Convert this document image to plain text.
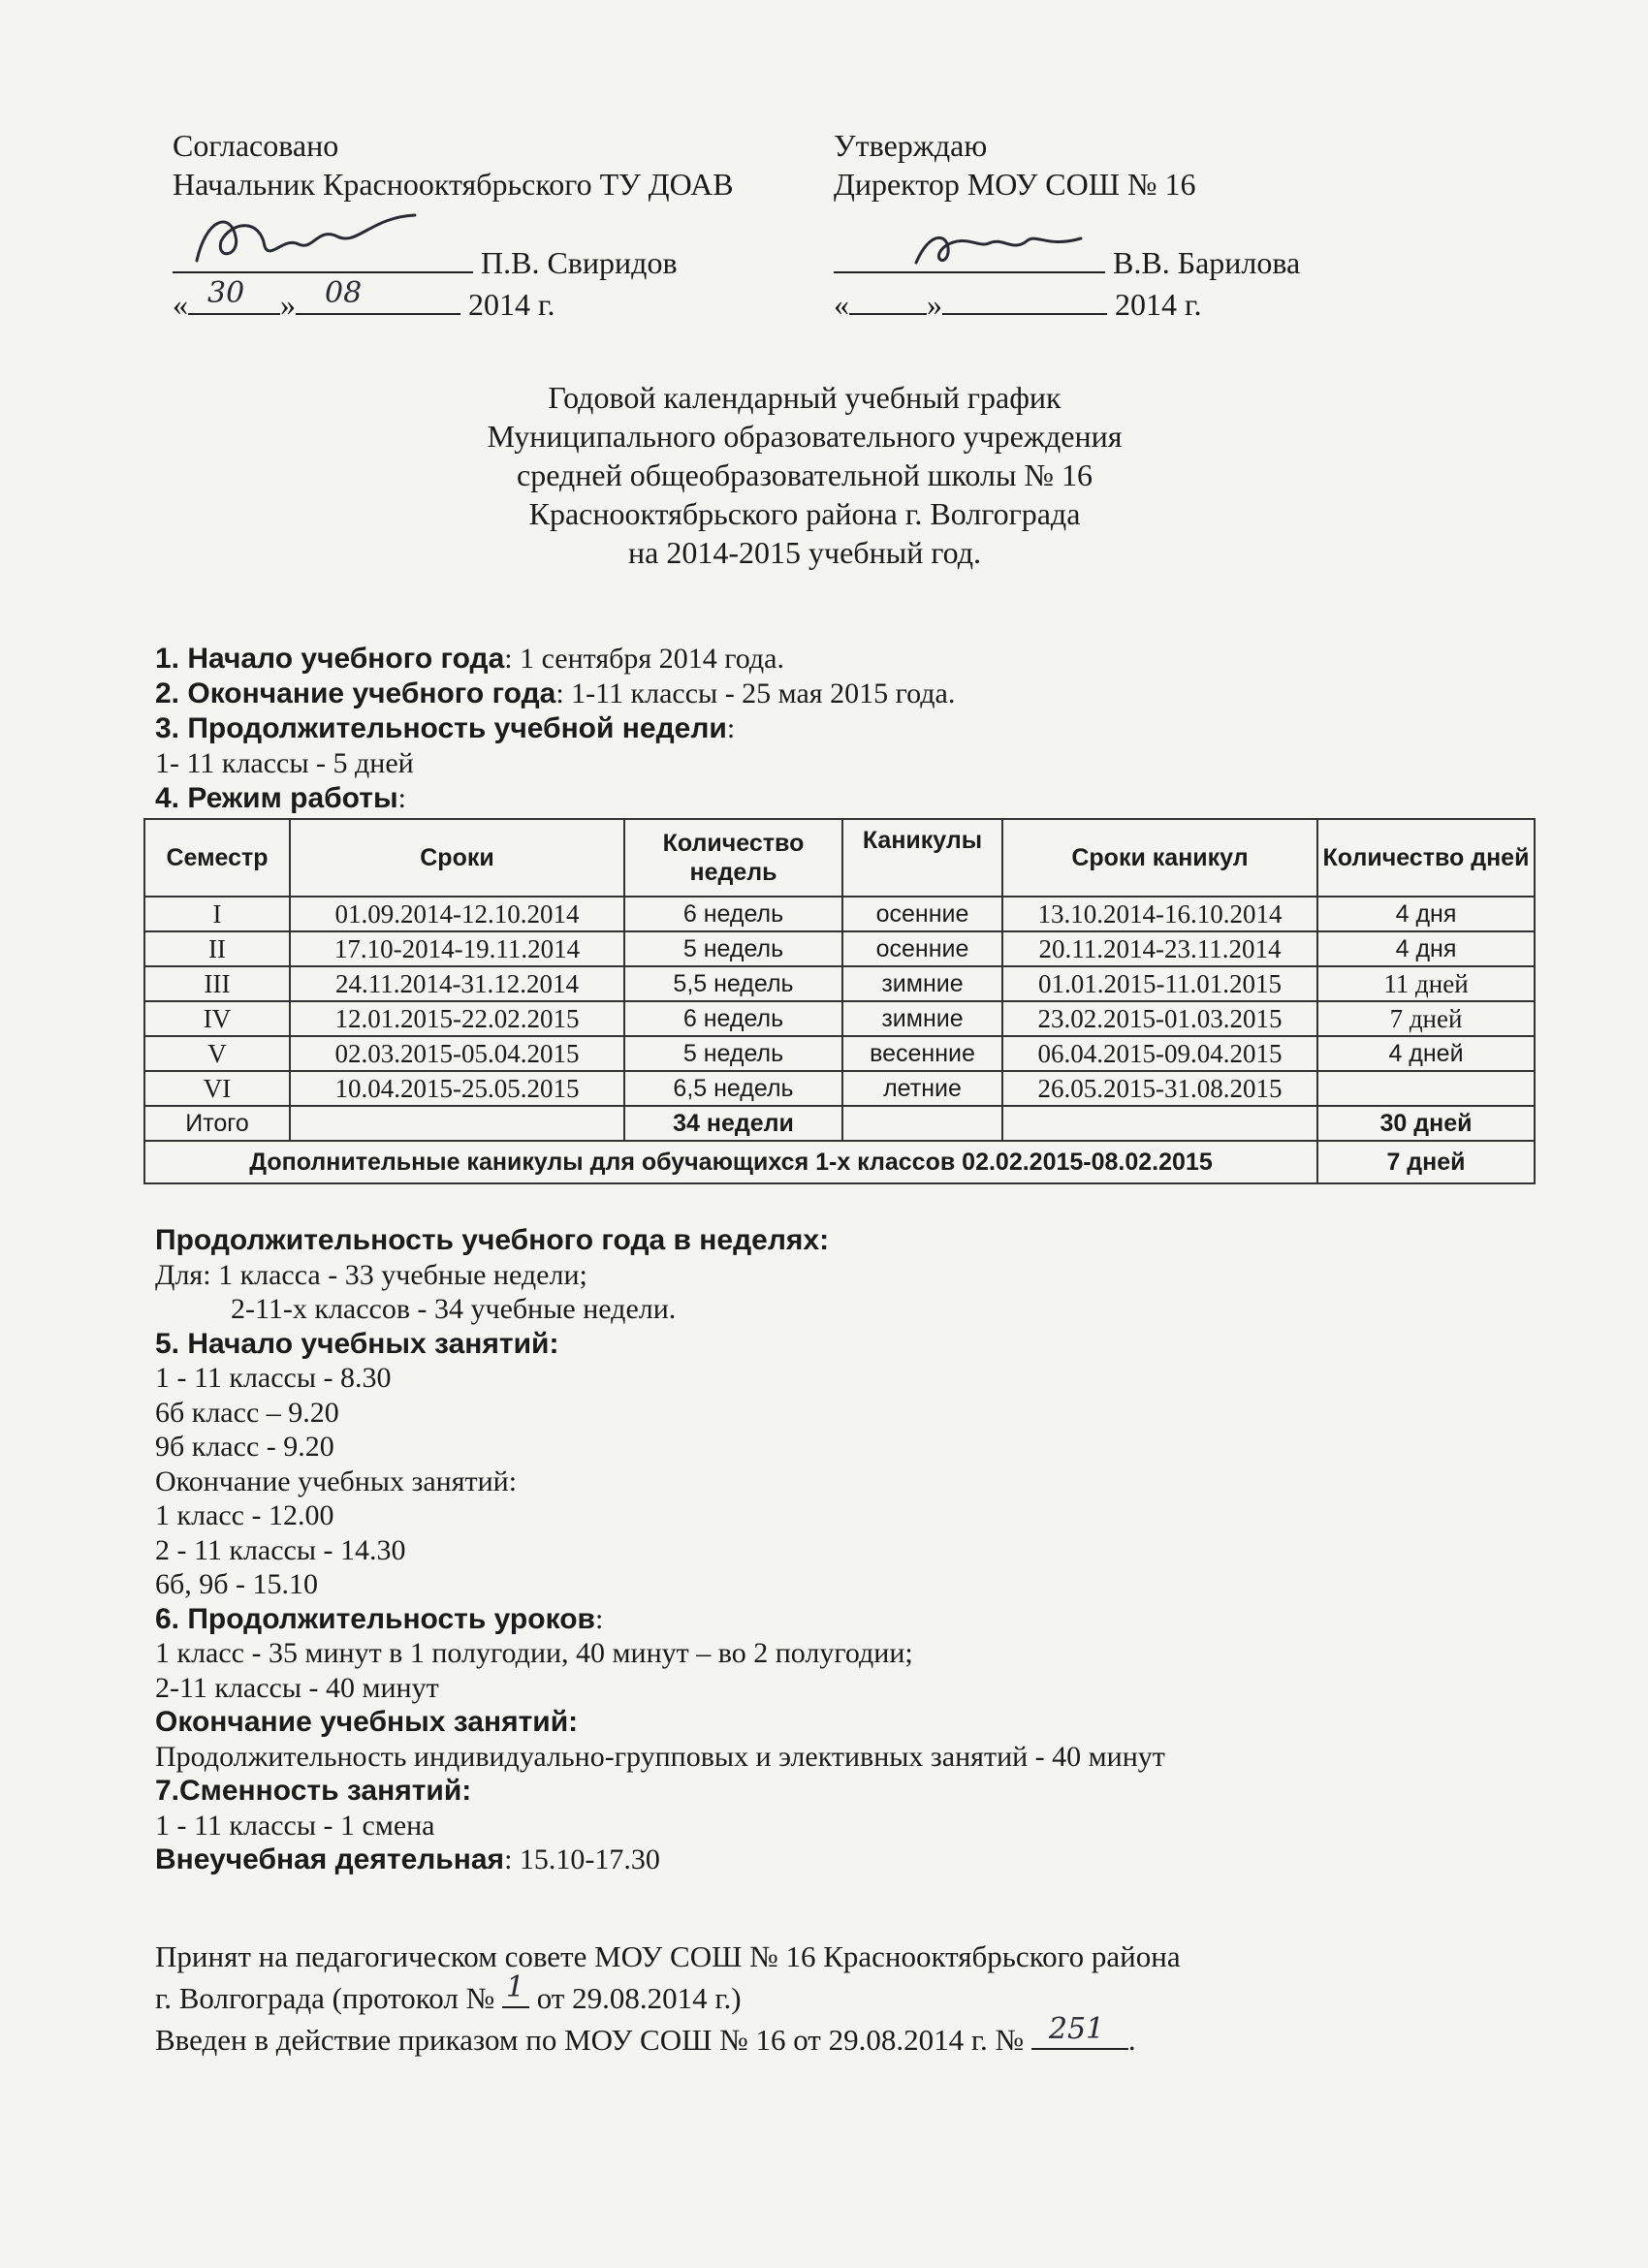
Согласовано
Начальник Краснооктябрьского ТУ ДОАВ
П.В. Свиридов
« 30 » 08	2014 г.
Утверждаю
Директор МОУ СОШ № 16
В.В. Барилова
«	»	2014 г.
Годовой календарный учебный график
Муниципального образовательного учреждения
средней общеобразовательной школы № 16
Краснооктябрьского района г. Волгограда
на 2014-2015 учебный год.
1. Начало учебного года: 1 сентября 2014 года.
2. Окончание учебного года: 1-11 классы - 25 мая 2015 года.
3. Продолжительность учебной недели:
1- 11 классы - 5 дней
4. Режим работы:
Семестр	Сроки	Количество недель	Каникулы	Сроки каникул	Количество дней
I	01.09.2014-12.10.2014	6 недель	осенние	13.10.2014-16.10.2014	4 дня
II	17.10-2014-19.11.2014	5 недель	осенние	20.11.2014-23.11.2014	4 дня
III	24.11.2014-31.12.2014	5,5 недель	зимние	01.01.2015-11.01.2015	11 дней
IV	12.01.2015-22.02.2015	6 недель	зимние	23.02.2015-01.03.2015	7 дней
V	02.03.2015-05.04.2015	5 недель	весенние	06.04.2015-09.04.2015	4 дней
VI	10.04.2015-25.05.2015	6,5 недель	летние	26.05.2015-31.08.2015	
Итого		34 недели			30 дней
Дополнительные каникулы для обучающихся 1-х классов 02.02.2015-08.02.2015					7 дней
Продолжительность учебного года в неделях:
Для: 1 класса - 33 учебные недели;
2-11-х классов - 34 учебные недели.
5. Начало учебных занятий:
1 - 11 классы - 8.30
6б класс – 9.20
9б класс - 9.20
Окончание учебных занятий:
1 класс - 12.00
2 - 11 классы - 14.30
6б, 9б - 15.10
6. Продолжительность уроков:
1 класс - 35 минут в 1 полугодии, 40 минут – во 2 полугодии;
2-11 классы - 40 минут
Окончание учебных занятий:
Продолжительность индивидуально-групповых и элективных занятий - 40 минут
7.Сменность занятий:
1 - 11 классы - 1 смена
Внеучебная деятельная: 15.10-17.30
Принят на педагогическом совете МОУ СОШ № 16 Краснооктябрьского района
г. Волгограда (протокол № 1 от 29.08.2014 г.)
Введен в действие приказом по МОУ СОШ № 16 от 29.08.2014 г. № 251 .
